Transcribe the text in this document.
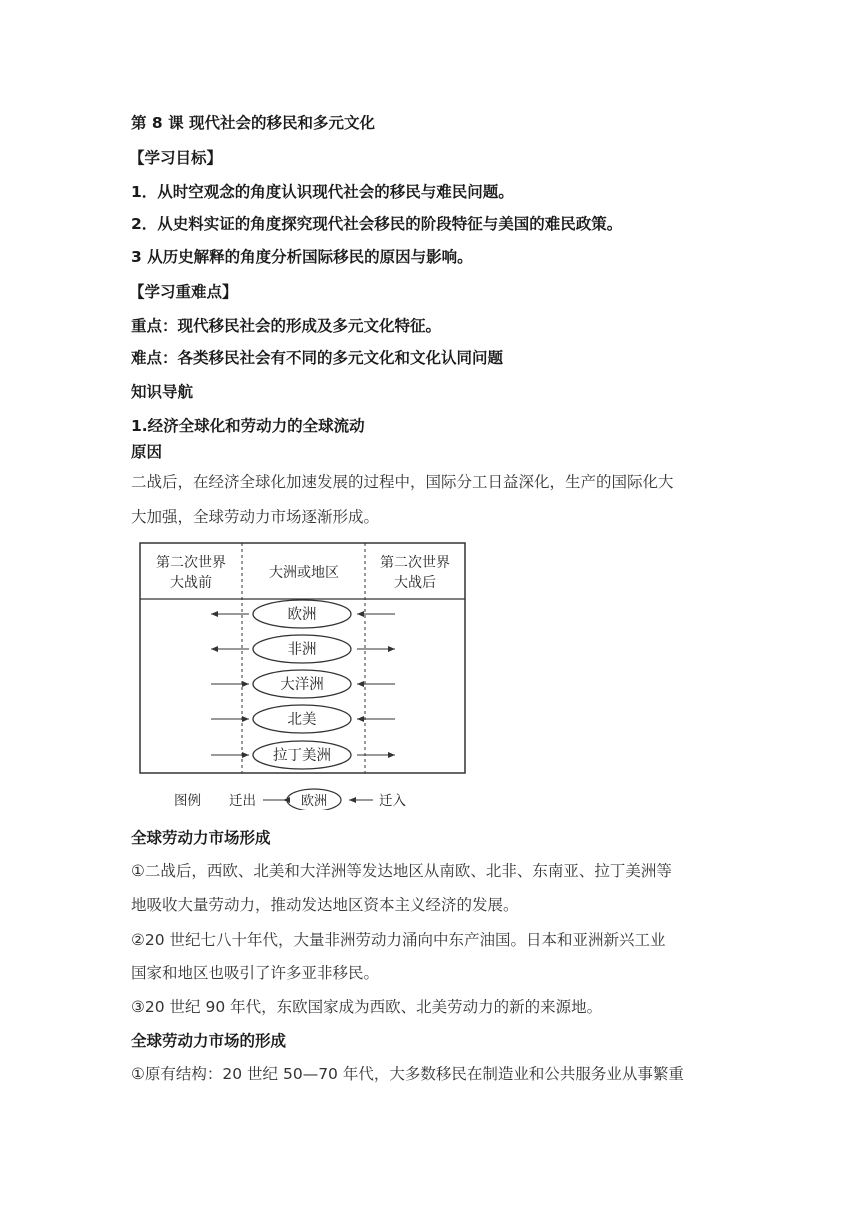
第 8 课 现代社会的移民和多元文化
【学习目标】
1．从时空观念的角度认识现代社会的移民与难民问题。
2．从史料实证的角度探究现代社会移民的阶段特征与美国的难民政策。
3 从历史解释的角度分析国际移民的原因与影响。
【学习重难点】
重点：现代移民社会的形成及多元文化特征。
难点：各类移民社会有不同的多元文化和文化认同问题
知识导航
1.经济全球化和劳动力的全球流动
原因
二战后，在经济全球化加速发展的过程中，国际分工日益深化，生产的国际化大
大加强，全球劳动力市场逐渐形成。
第二次世界
大战前
大洲或地区
第二次世界
大战后
欧洲
非洲
大洋洲
北美
拉丁美洲
图例 迁出	欧洲	迁入
全球劳动力市场形成
①二战后，西欧、北美和大洋洲等发达地区从南欧、北非、东南亚、拉丁美洲等
地吸收大量劳动力，推动发达地区资本主义经济的发展。
②20 世纪七八十年代，大量非洲劳动力涌向中东产油国。日本和亚洲新兴工业
国家和地区也吸引了许多亚非移民。
③20 世纪 90 年代，东欧国家成为西欧、北美劳动力的新的来源地。
全球劳动力市场的形成
①原有结构：20 世纪 50—70 年代，大多数移民在制造业和公共服务业从事繁重
